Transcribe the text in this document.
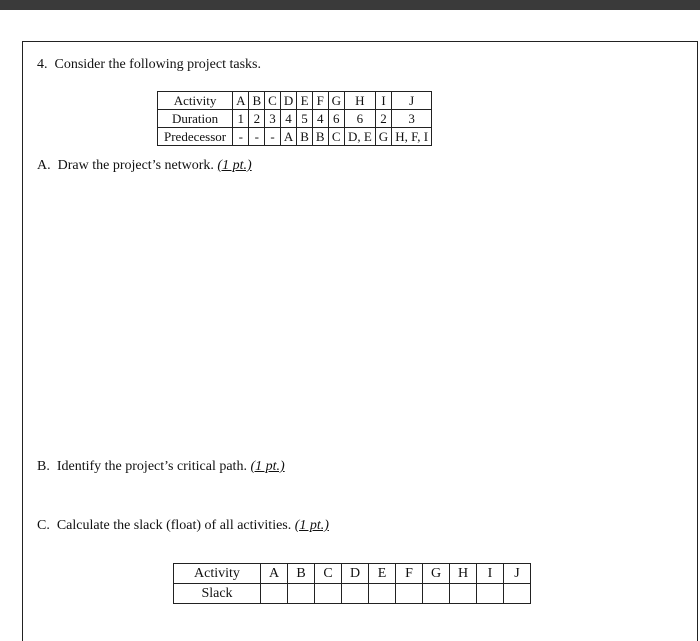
4. Consider the following project tasks.
Activity	A	B	C	D	E	F	G	H	I	J
Duration	1	2	3	4	5	4	6	6	2	3
Predecessor	-	-	-	A	B	B	C	D, E	G	H, F, I
A. Draw the project’s network. (1 pt.)
B. Identify the project’s critical path. (1 pt.)
C. Calculate the slack (float) of all activities. (1 pt.)
Activity	A	B	C	D	E	F	G	H	I	J
Slack										
